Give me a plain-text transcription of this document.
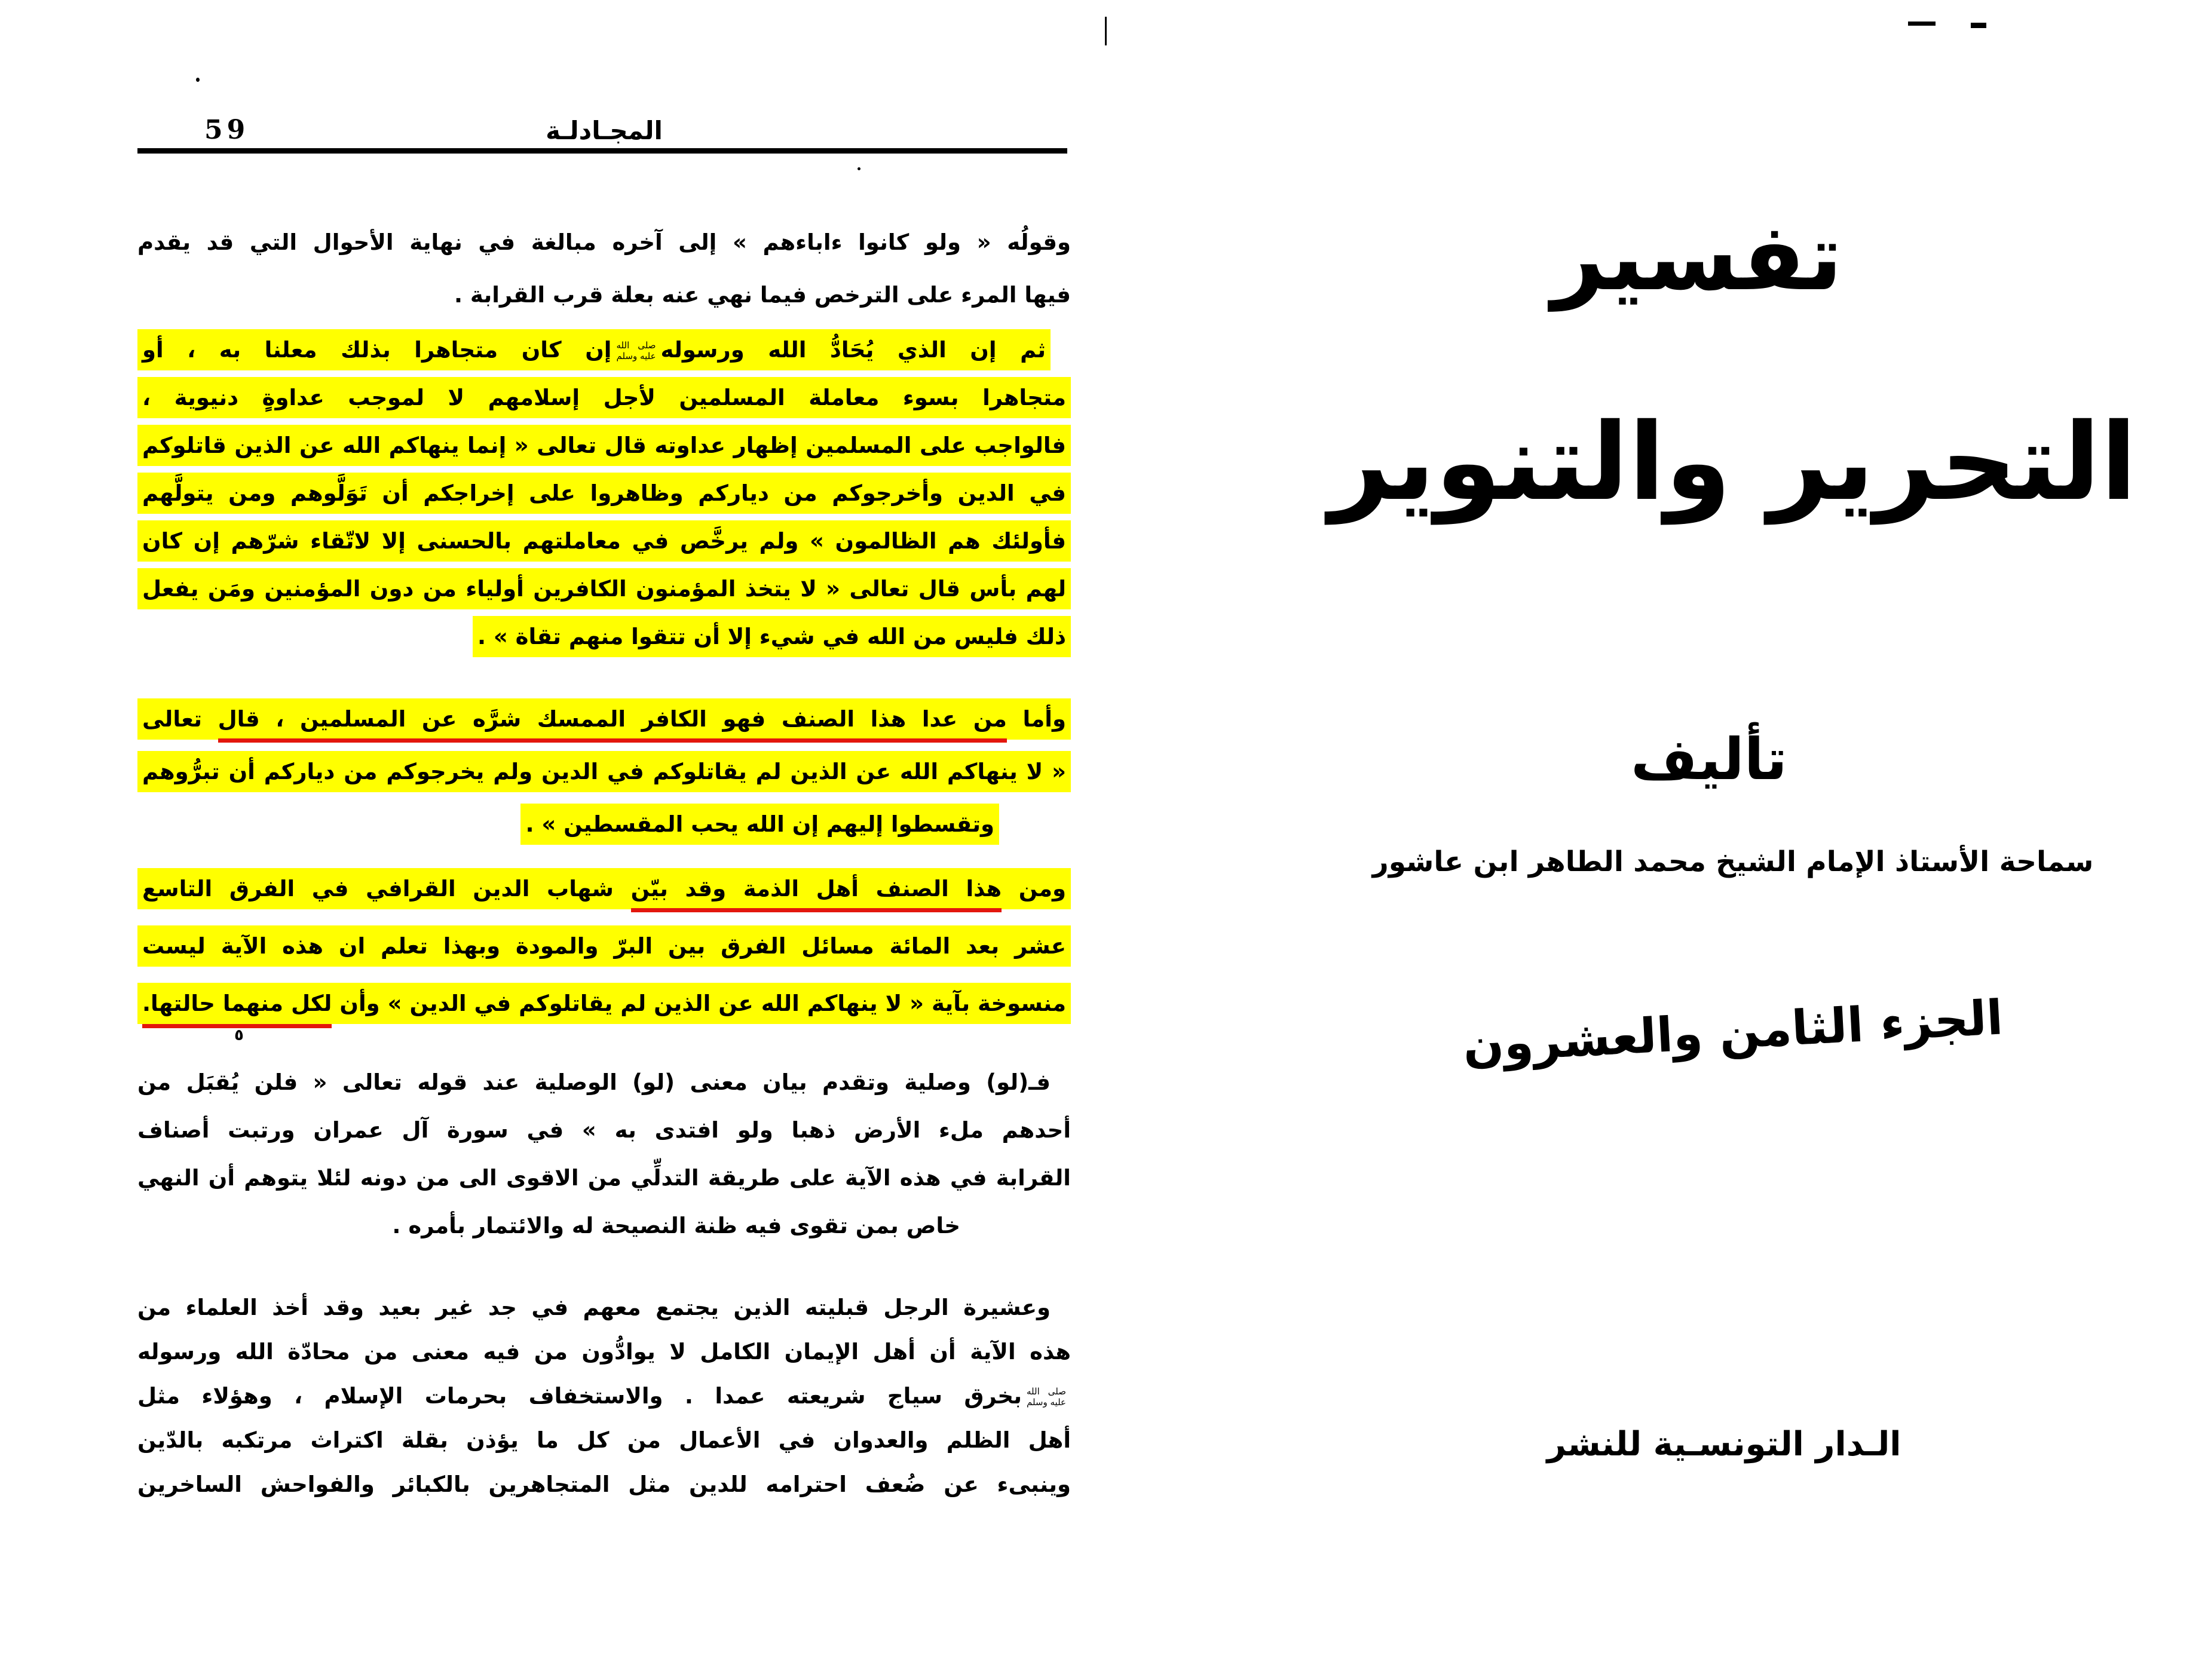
59	المجـادلـة
وقولُه « ولو كانوا ءاباءهم » إلى آخره مبالغة في نهاية الأحوال التي قد يقدم
فيها المرء على الترخص فيما نهي عنه بعلة قرب القرابة .
ثم إن الذي يُحَادُّ الله ورسوله
صلى الله
عليه وسلم
إن كان متجاهرا بذلك معلنا به ، أو
متجاهرا بسوء معاملة المسلمين لأجل إسلامهم لا لموجب عداوةٍ دنيوية ،
فالواجب على المسلمين إظهار عداوته قال تعالى « إنما ينهاكم الله عن الذين قاتلوكم
في الدين وأخرجوكم من دياركم وظاهروا على إخراجكم أن تَوَلَّوهم ومن يتولَّهم
فأولئك هم الظالمون » ولم يرخَّص في معاملتهم بالحسنى إلا لاتّقاء شرّهم إن كان
لهم بأس قال تعالى « لا يتخذ المؤمنون الكافرين أولياء من دون المؤمنين ومَن يفعل
ذلك فليس من الله في شيء إلا أن تتقوا منهم تقاة » .
وأما من عدا هذا الصنف فهو الكافر الممسك شرَّه عن المسلمين ، قال تعالى
« لا ينهاكم الله عن الذين لم يقاتلوكم في الدين ولم يخرجوكم من دياركم أن تبرُّوهم
وتقسطوا إليهم إن الله يحب المقسطين » .
ومن هذا الصنف أهل الذمة وقد بيّن شهاب الدين القرافي في الفرق التاسع
عشر بعد المائة مسائل الفرق بين البرّ والمودة وبهذا تعلم ان هذه الآية ليست
منسوخة بآية « لا ينهاكم الله عن الذين لم يقاتلوكم في الدين » وأن لكل منهما حالتها.
٥
فـ(لو) وصلية وتقدم بيان معنى (لو) الوصلية عند قوله تعالى « فلن يُقبَل من
أحدهم ملء الأرض ذهبا ولو افتدى به » في سورة آل عمران ورتبت أصناف
القرابة في هذه الآية على طريقة التدلِّي من الاقوى الى من دونه لئلا يتوهم أن النهي
خاص بمن تقوى فيه ظنة النصيحة له والائتمار بأمره .
وعشيرة الرجل قبليته الذين يجتمع معهم في جد غير بعيد وقد أخذ العلماء من
هذه الآية أن أهل الإيمان الكامل لا يوادُّون من فيه معنى من محادّة الله ورسوله
صلى الله
عليه وسلم
بخرق سياج شريعته عمدا . والاستخفاف بحرمات الإسلام ، وهؤلاء مثل
أهل الظلم والعدوان في الأعمال من كل ما يؤذن بقلة اكتراث مرتكبه بالدّين
وينبىء عن ضُعف احترامه للدين مثل المتجاهرين بالكبائر والفواحش الساخرين
تفسير
التحرير والتنوير
تأليف
سماحة الأستاذ الإمام الشيخ محمد الطاهر ابن عاشور
الجزء الثامن والعشرون
الـدار التونسـية للنشر
